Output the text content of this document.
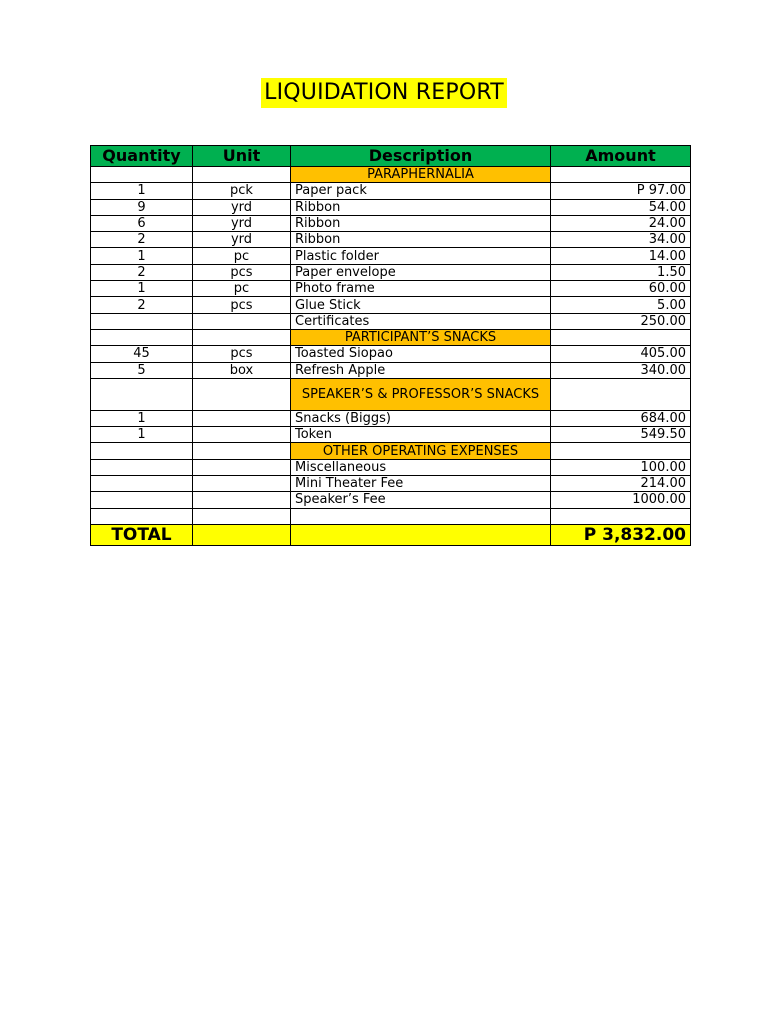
LIQUIDATION REPORT
Quantity	Unit	Description	Amount
		PARAPHERNALIA	
1	pck	Paper pack	P 97.00
9	yrd	Ribbon	54.00
6	yrd	Ribbon	24.00
2	yrd	Ribbon	34.00
1	pc	Plastic folder	14.00
2	pcs	Paper envelope	1.50
1	pc	Photo frame	60.00
2	pcs	Glue Stick	5.00
		Certificates	250.00
		PARTICIPANT’S SNACKS	
45	pcs	Toasted Siopao	405.00
5	box	Refresh Apple	340.00
		SPEAKER’S & PROFESSOR’S SNACKS	
1		Snacks (Biggs)	684.00
1		Token	549.50
		OTHER OPERATING EXPENSES	
		Miscellaneous	100.00
		Mini Theater Fee	214.00
		Speaker’s Fee	1000.00

TOTAL			P 3,832.00
